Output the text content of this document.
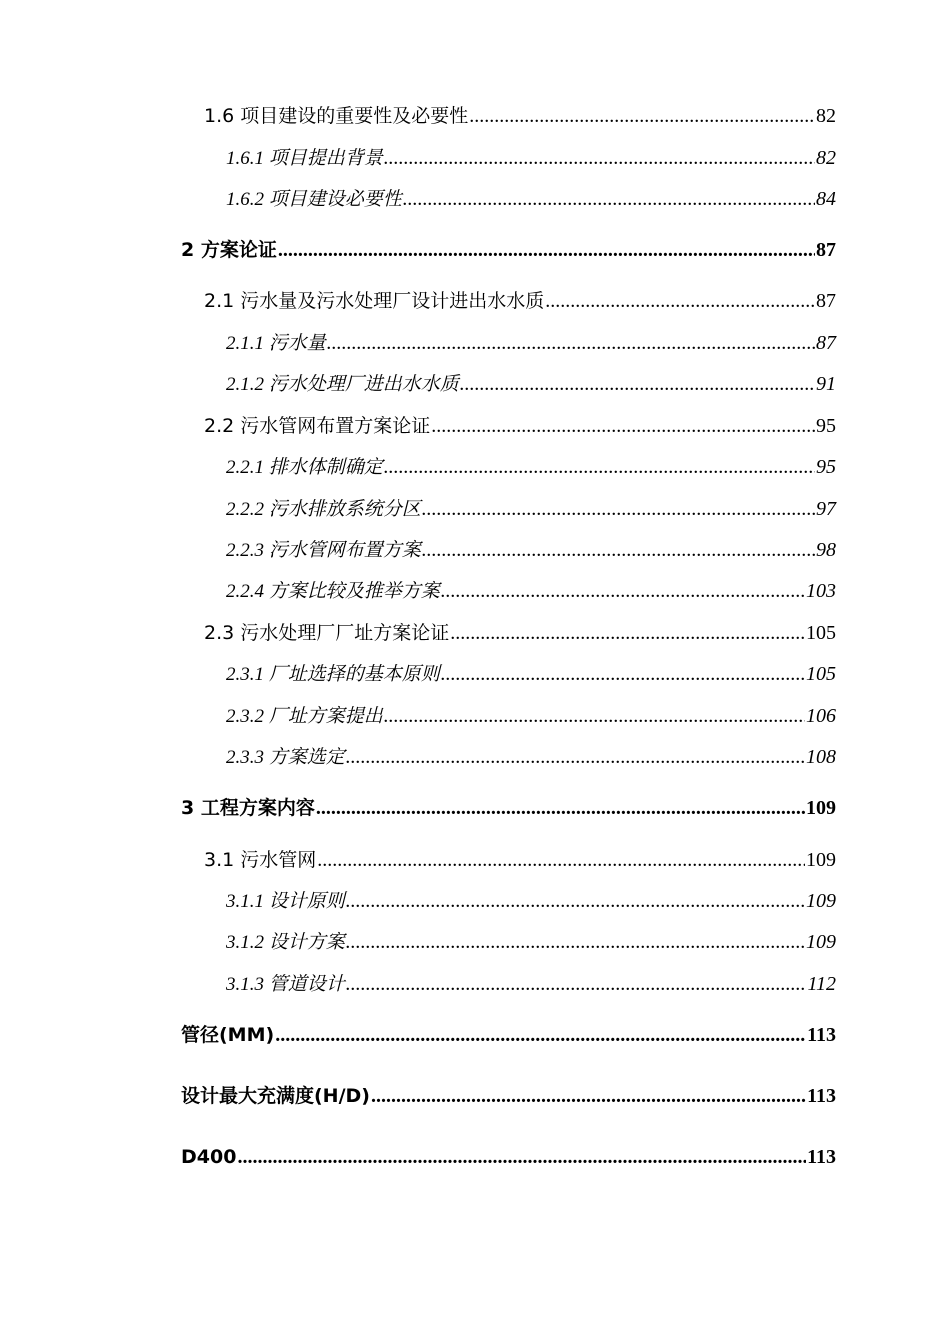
1.6 项目建设的重要性及必要性 .....	82
1.6.1 项目提出背景 .....	82
1.6.2 项目建设必要性 .....	84
2 方案论证 .....	87
2.1 污水量及污水处理厂设计进出水水质 .....	87
2.1.1 污水量 .....	87
2.1.2 污水处理厂进出水水质 .....	91
2.2 污水管网布置方案论证 .....	95
2.2.1 排水体制确定 .....	95
2.2.2 污水排放系统分区 .....	97
2.2.3 污水管网布置方案 .....	98
2.2.4 方案比较及推举方案 .....	103
2.3 污水处理厂厂址方案论证 .....	105
2.3.1 厂址选择的基本原则 .....	105
2.3.2 厂址方案提出 .....	106
2.3.3 方案选定 .....	108
3 工程方案内容 .....	109
3.1 污水管网 .....	109
3.1.1 设计原则 .....	109
3.1.2 设计方案 .....	109
3.1.3 管道设计 .....	112
管径(MM) .....	113
设计最大充满度(H/D) .....	113
D400 .....	113
